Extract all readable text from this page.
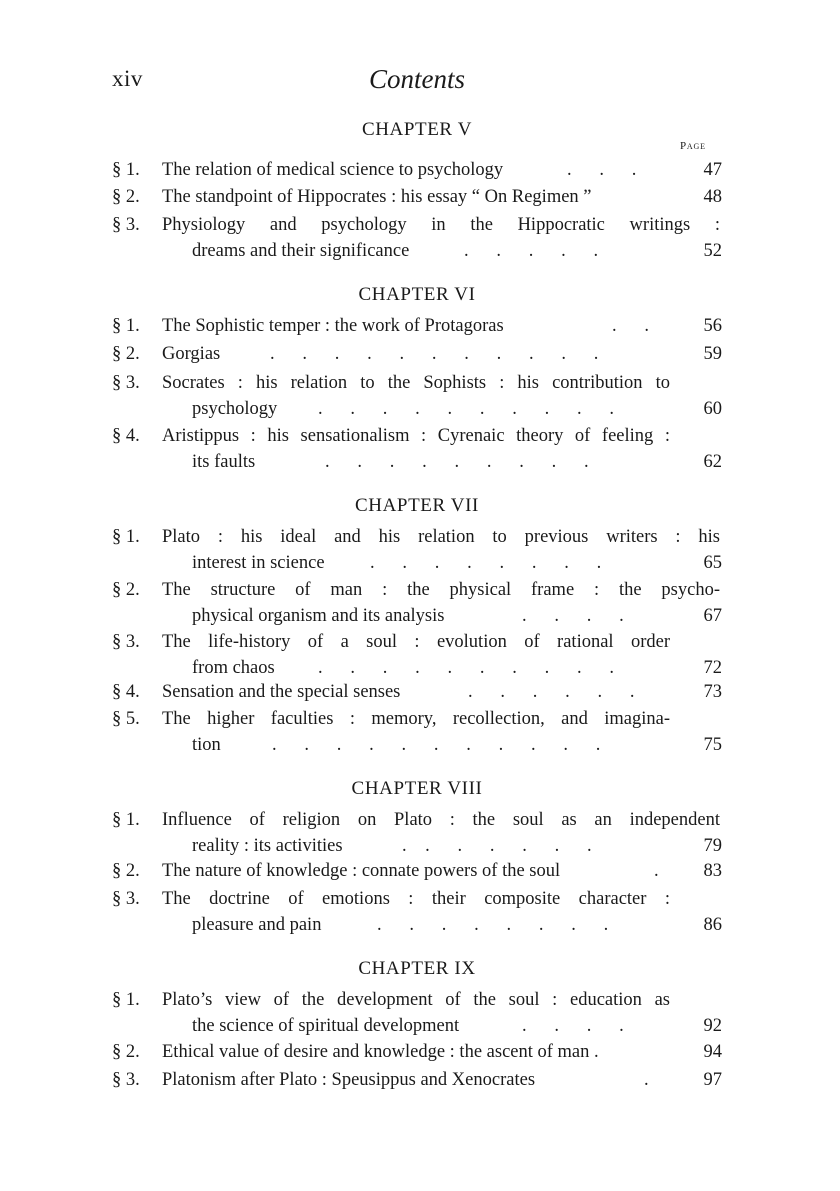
xiv	Contents
Page
CHAPTER V
§ 1. The relation of medical science to psychology	.      .      .	47
§ 2. The standpoint of Hippocrates : his essay “ On Regimen ”	48
§ 3. Physiology and psychology in the Hippocratic writings :
dreams and their significance	.      .      .      .      .	52
CHAPTER VI
§ 1. The Sophistic temper : the work of Protagoras	.      .	56
§ 2. Gorgias	.      .      .      .      .      .      .      .      .      .      .	59
§ 3. Socrates : his relation to the Sophists : his contribution to
psychology .      .      .      .      .      .      .      .      .      .	60
§ 4. Aristippus : his sensationalism : Cyrenaic theory of feeling :
its faults	.      .      .      .      .      .      .      .      .	62
CHAPTER VII
§ 1. Plato : his ideal and his relation to previous writers : his
interest in science .      .      .      .      .      .      .      .	65
§ 2. The structure of man : the physical frame : the psycho-
physical organism and its analysis	.      .      .      .	67
§ 3. The life-history of a soul : evolution of rational order
from chaos .      .      .      .      .      .      .      .      .      .	72
§ 4. Sensation and the special senses	.      .      .      .      .      .	73
§ 5. The higher faculties : memory, recollection, and imagina-
tion	.      .      .      .      .      .      .      .      .      .      .	75
CHAPTER VIII
§ 1. Influence of religion on Plato : the soul as an independent
reality : its activities	.    .      .      .      .      .      .	79
§ 2. The nature of knowledge : connate powers of the soul	.	83
§ 3. The doctrine of emotions : their composite character :
pleasure and pain	.      .      .      .      .      .      .      .	86
CHAPTER IX
§ 1. Plato’s view of the development of the soul : education as
the science of spiritual development	.      .      .      .	92
§ 2. Ethical value of desire and knowledge : the ascent of man .	94
§ 3. Platonism after Plato : Speusippus and Xenocrates	.	97
